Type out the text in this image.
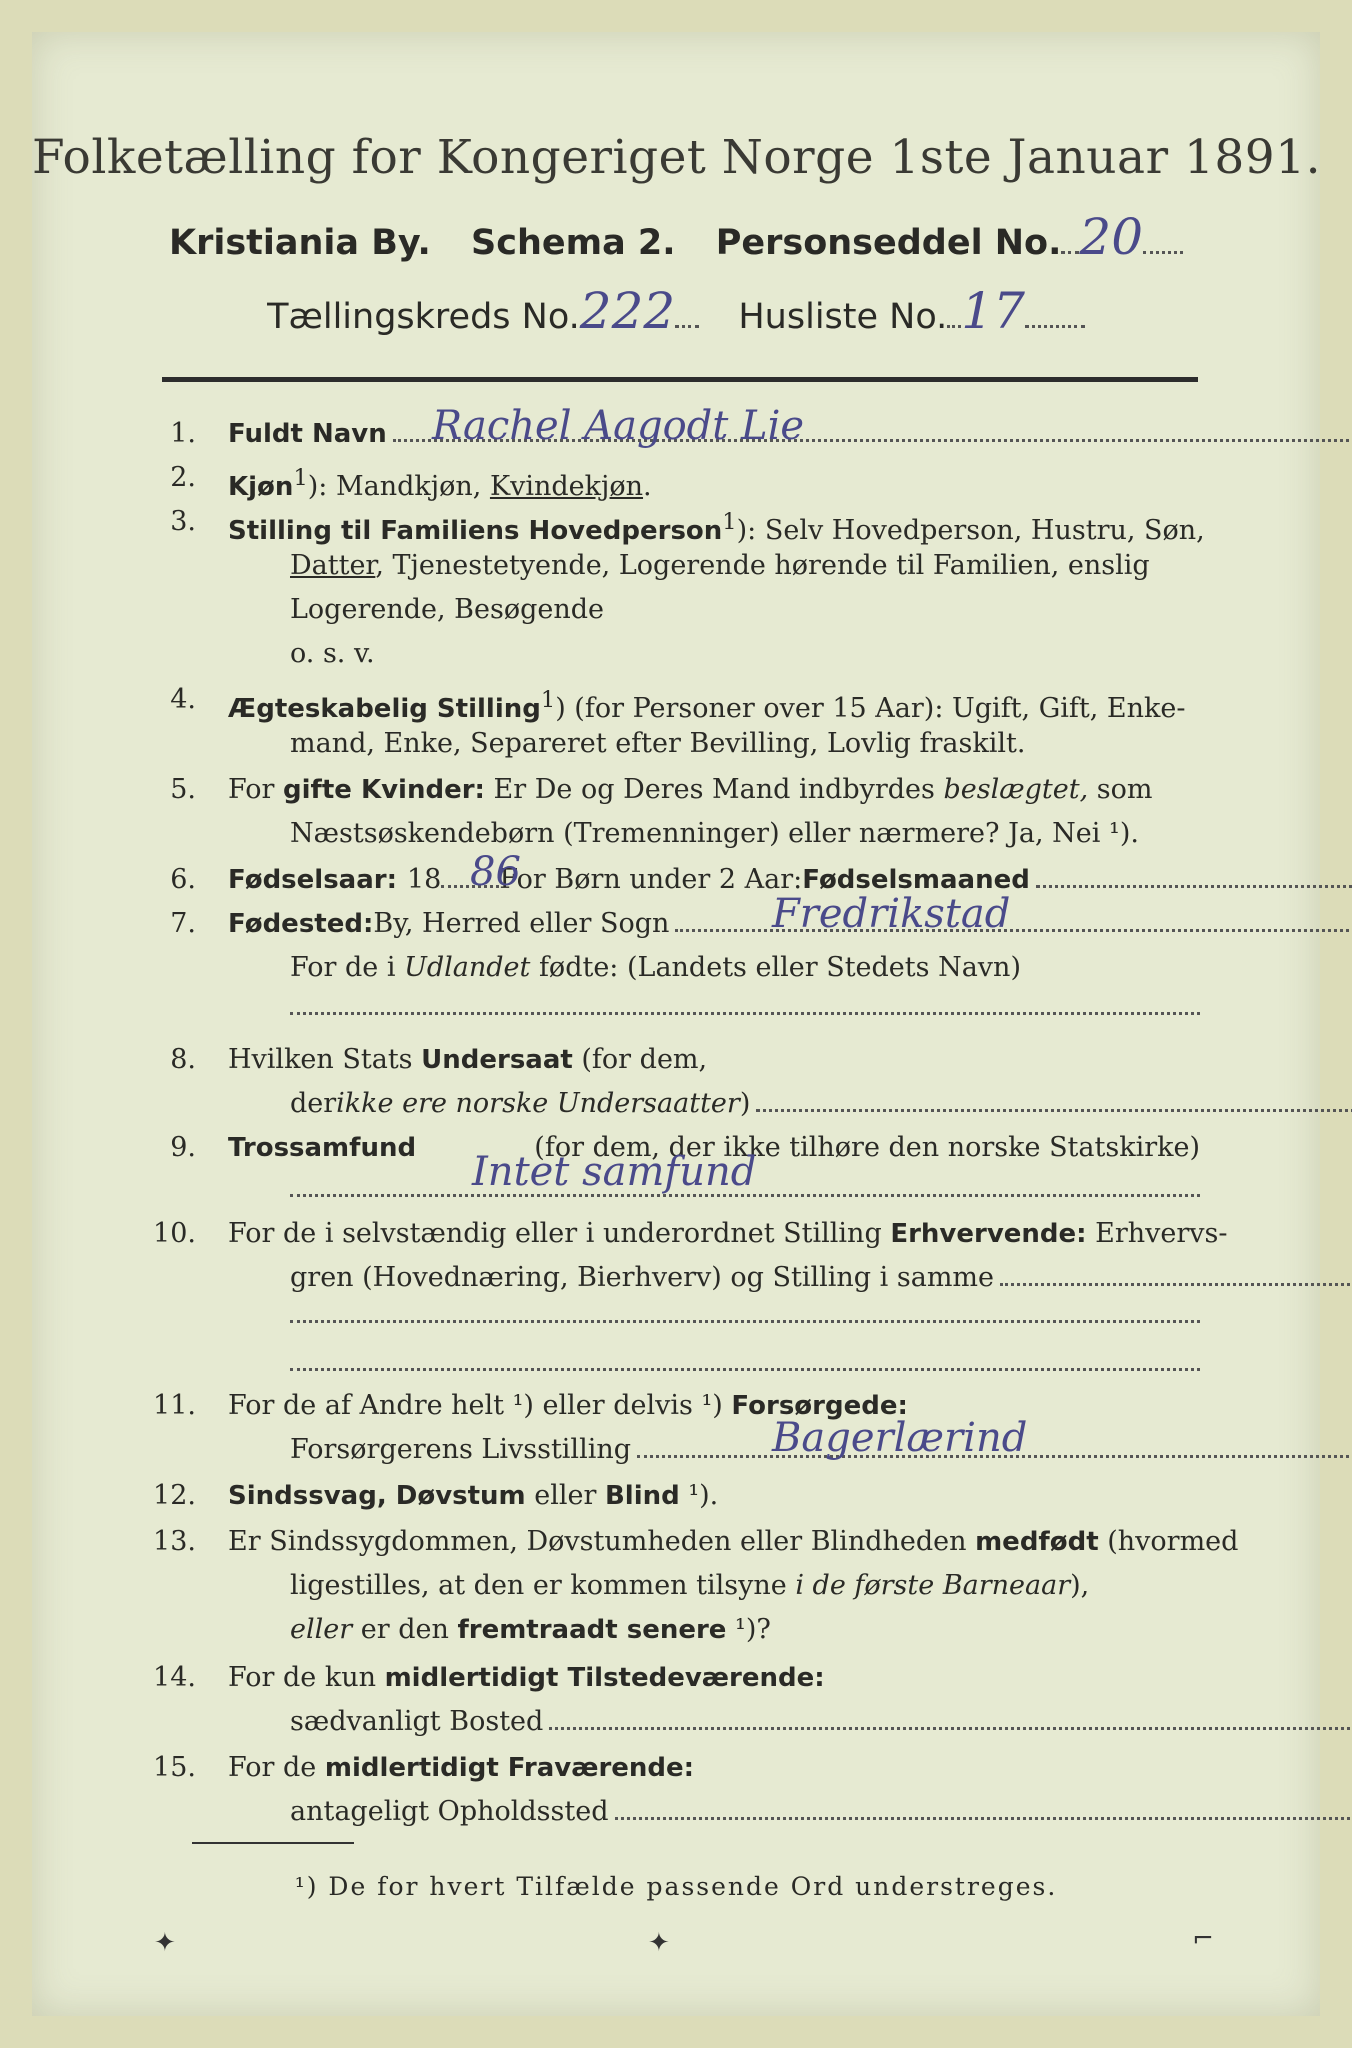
Folketælling for Kongeriget Norge 1ste Januar 1891.
Kristiania By. Schema 2. Personseddel No. 20
Tællingskreds No.222 Husliste No. 17
1. Fuldt Navn Rachel Aagodt Lie
2. Kjøn$^1$): Mandkjøn, Kvindekjøn.
3. Stilling til Familiens Hovedperson$^1$): Selv Hovedperson, Hustru, Søn,
Datter, Tjenestetyende, Logerende hørende til Familien, enslig
Logerende, Besøgende
o. s. v.
4. Ægteskabelig Stilling$^1$) (for Personer over 15 Aar): Ugift, Gift, Enke-
mand, Enke, Separeret efter Bevilling, Lovlig fraskilt.
5. For gifte Kvinder: Er De og Deres Mand indbyrdes beslægtet, som
Næstsøskendebørn (Tremenninger) eller nærmere? Ja, Nei ¹).
6. Fødselsaar: 18 For Børn under 2 Aar: Fødselsmaaned
86
7. Fødested: By, Herred eller Sogn	Fredrikstad
For de i Udlandet fødte: (Landets eller Stedets Navn)
8. Hvilken Stats Undersaat (for dem,
der ikke ere norske Undersaatter )
9. Trossamfund	(for dem, der ikke tilhøre den norske Statskirke)
Intet samfund
10. For de i selvstændig eller i underordnet Stilling Erhvervende: Erhvervs-
gren (Hovednæring, Bierhverv) og Stilling i samme
11. For de af Andre helt ¹) eller delvis ¹) Forsørgede:
Forsørgerens Livsstilling	Bagerlærind
12. Sindssvag, Døvstum eller Blind ¹).
13. Er Sindssygdommen, Døvstumheden eller Blindheden medfødt (hvormed
ligestilles, at den er kommen tilsyne i de første Barneaar),
eller er den fremtraadt senere ¹)?
14. For de kun midlertidigt Tilstedeværende:
sædvanligt Bosted
15. For de midlertidigt Fraværende:
antageligt Opholdssted
¹) De for hvert Tilfælde passende Ord understreges.
✦	✦	⌐
